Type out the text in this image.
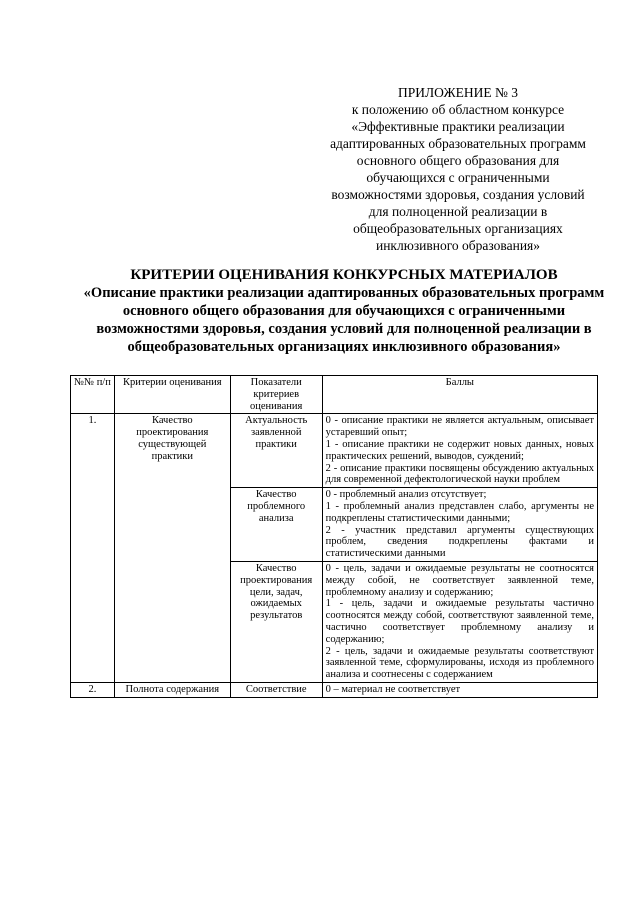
ПРИЛОЖЕНИЕ № 3
к положению об областном конкурсе
«Эффективные практики реализации
адаптированных образовательных программ
основного общего образования для
обучающихся с ограниченными
возможностями здоровья, создания условий
для полноценной реализации в
общеобразовательных организациях
инклюзивного образования»
КРИТЕРИИ ОЦЕНИВАНИЯ КОНКУРСНЫХ МАТЕРИАЛОВ
«Описание практики реализации адаптированных образовательных программ основного общего образования для обучающихся с ограниченными возможностями здоровья, создания условий для полноценной реализации в общеобразовательных организациях инклюзивного образования»
№№ п/п	Критерии оценивания	Показатели критериев оценивания	Баллы
1.	Качество проектирования существующей практики	Актуальность заявленной практики	0 - описание практики не является актуальным, описывает устаревший опыт;

1 - описание практики не содержит новых данных, новых практических решений, выводов, суждений;

2 - описание практики посвящены обсуждению актуальных для современной дефектологической науки проблем

		Качество проблемного анализа	0 - проблемный анализ отсутствует;

1 - проблемный анализ представлен слабо, аргументы не подкреплены статистическими данными;

2 - участник представил аргументы существующих проблем, сведения подкреплены фактами и статистическими данными

		Качество проектирования цели, задач, ожидаемых результатов	0 - цель, задачи и ожидаемые результаты не соотносятся между собой, не соответствует заявленной теме, проблемному анализу и содержанию;

1 - цель, задачи и ожидаемые результаты частично соотносятся между собой, соответствуют заявленной теме, частично соответствует проблемному анализу и содержанию;

2 - цель, задачи и ожидаемые результаты соответствуют заявленной теме, сформулированы, исходя из проблемного анализа и соотнесены с содержанием

2.	Полнота содержания	Соответствие	0 – материал не соответствует
